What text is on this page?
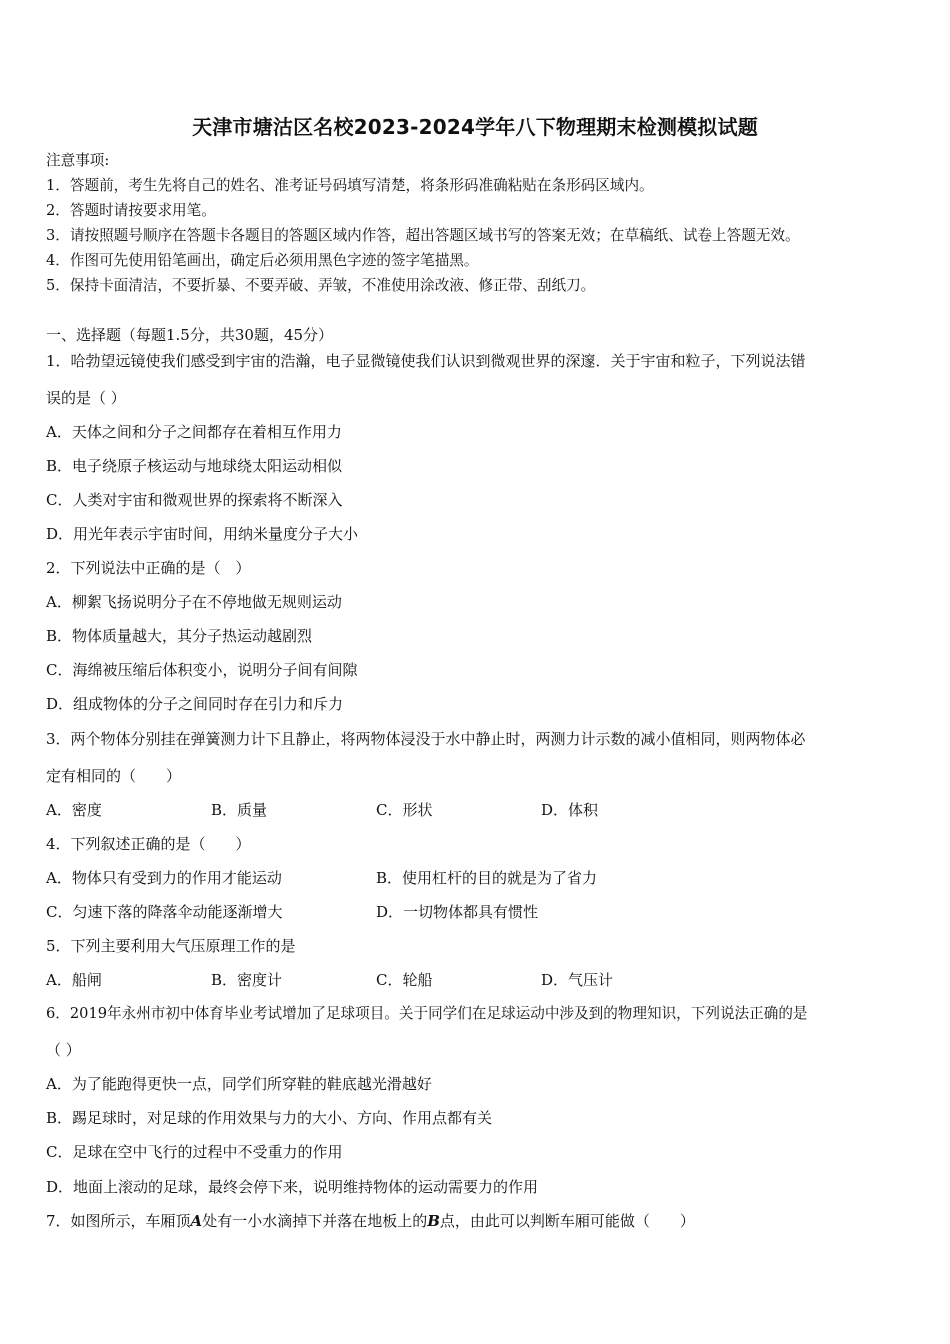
天津市塘沽区名校2023-2024学年八下物理期末检测模拟试题
注意事项:
1．答题前，考生先将自己的姓名、准考证号码填写清楚，将条形码准确粘贴在条形码区域内。
2．答题时请按要求用笔。
3．请按照题号顺序在答题卡各题目的答题区域内作答，超出答题区域书写的答案无效；在草稿纸、试卷上答题无效。
4．作图可先使用铅笔画出，确定后必须用黑色字迹的签字笔描黑。
5．保持卡面清洁，不要折暴、不要弄破、弄皱，不准使用涂改液、修正带、刮纸刀。
一、选择题（每题1.5分，共30题，45分）
1．哈勃望远镜使我们感受到宇宙的浩瀚，电子显微镜使我们认识到微观世界的深邃．关于宇宙和粒子，下列说法错
误的是（ ）
A．天体之间和分子之间都存在着相互作用力
B．电子绕原子核运动与地球绕太阳运动相似
C．人类对宇宙和微观世界的探索将不断深入
D．用光年表示宇宙时间，用纳米量度分子大小
2．下列说法中正确的是（　）
A．柳絮飞扬说明分子在不停地做无规则运动
B．物体质量越大，其分子热运动越剧烈
C．海绵被压缩后体积变小，说明分子间有间隙
D．组成物体的分子之间同时存在引力和斥力
3．两个物体分别挂在弹簧测力计下且静止，将两物体浸没于水中静止时，两测力计示数的减小值相同，则两物体必
定有相同的（　　）
A．密度	B．质量	C．形状	D．体积
4．下列叙述正确的是（　　）
A．物体只有受到力的作用才能运动	B．使用杠杆的目的就是为了省力
C．匀速下落的降落伞动能逐渐增大	D．一切物体都具有惯性
5．下列主要利用大气压原理工作的是
A．船闸	B．密度计	C．轮船	D．气压计
6．2019年永州市初中体育毕业考试增加了足球项目。关于同学们在足球运动中涉及到的物理知识，下列说法正确的是
（ ）
A．为了能跑得更快一点，同学们所穿鞋的鞋底越光滑越好
B．踢足球时，对足球的作用效果与力的大小、方向、作用点都有关
C．足球在空中飞行的过程中不受重力的作用
D．地面上滚动的足球，最终会停下来，说明维持物体的运动需要力的作用
7．如图所示，车厢顶A处有一小水滴掉下并落在地板上的B点，由此可以判断车厢可能做（　　）
